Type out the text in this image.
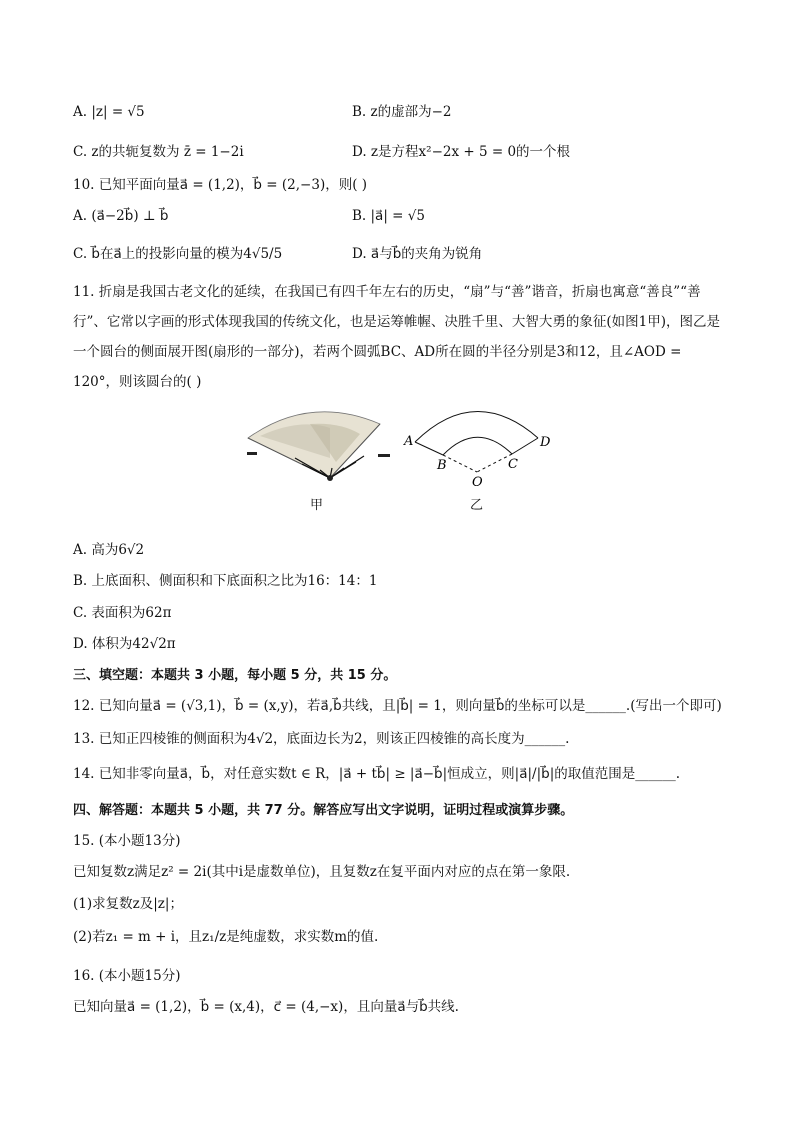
A. |z| = √5	B. z的虚部为−2
C. z的共轭复数为 z̄ = 1−2i	D. z是方程x²−2x + 5 = 0的一个根
10. 已知平面向量a⃗ = (1,2)，b⃗ = (2,−3)，则( )
A. (a⃗−2b⃗) ⊥ b⃗	B. |a⃗| = √5
C. b⃗在a⃗上的投影向量的模为4√5/5	D. a⃗与b⃗的夹角为锐角
11. 折扇是我国古老文化的延续，在我国已有四千年左右的历史，“扇”与“善”谐音，折扇也寓意“善良”“善行”、它常以字画的形式体现我国的传统文化，也是运筹帷幄、决胜千里、大智大勇的象征(如图1甲)，图乙是一个圆台的侧面展开图(扇形的一部分)，若两个圆弧BC、AD所在圆的半径分别是3和12，且∠AOD = 120°，则该圆台的( )
A
B	C
D
O
甲	乙
A. 高为6√2
B. 上底面积、侧面积和下底面积之比为16：14：1
C. 表面积为62π
D. 体积为42√2π
三、填空题：本题共 3 小题，每小题 5 分，共 15 分。
12. 已知向量a⃗ = (√3,1)，b⃗ = (x,y)，若a⃗,b⃗共线，且|b⃗| = 1，则向量b⃗的坐标可以是______.(写出一个即可)
13. 已知正四棱锥的侧面积为4√2，底面边长为2，则该正四棱锥的高长度为______.
14. 已知非零向量a⃗，b⃗，对任意实数t ∈ R，|a⃗ + tb⃗| ≥ |a⃗−b⃗|恒成立，则|a⃗|/|b⃗|的取值范围是______.
四、解答题：本题共 5 小题，共 77 分。解答应写出文字说明，证明过程或演算步骤。
15. (本小题13分)
已知复数z满足z² = 2i(其中i是虚数单位)，且复数z在复平面内对应的点在第一象限.
(1)求复数z及|z|；
(2)若z₁ = m + i，且z₁/z是纯虚数，求实数m的值.
16. (本小题15分)
已知向量a⃗ = (1,2)，b⃗ = (x,4)，c⃗ = (4,−x)，且向量a⃗与b⃗共线.
